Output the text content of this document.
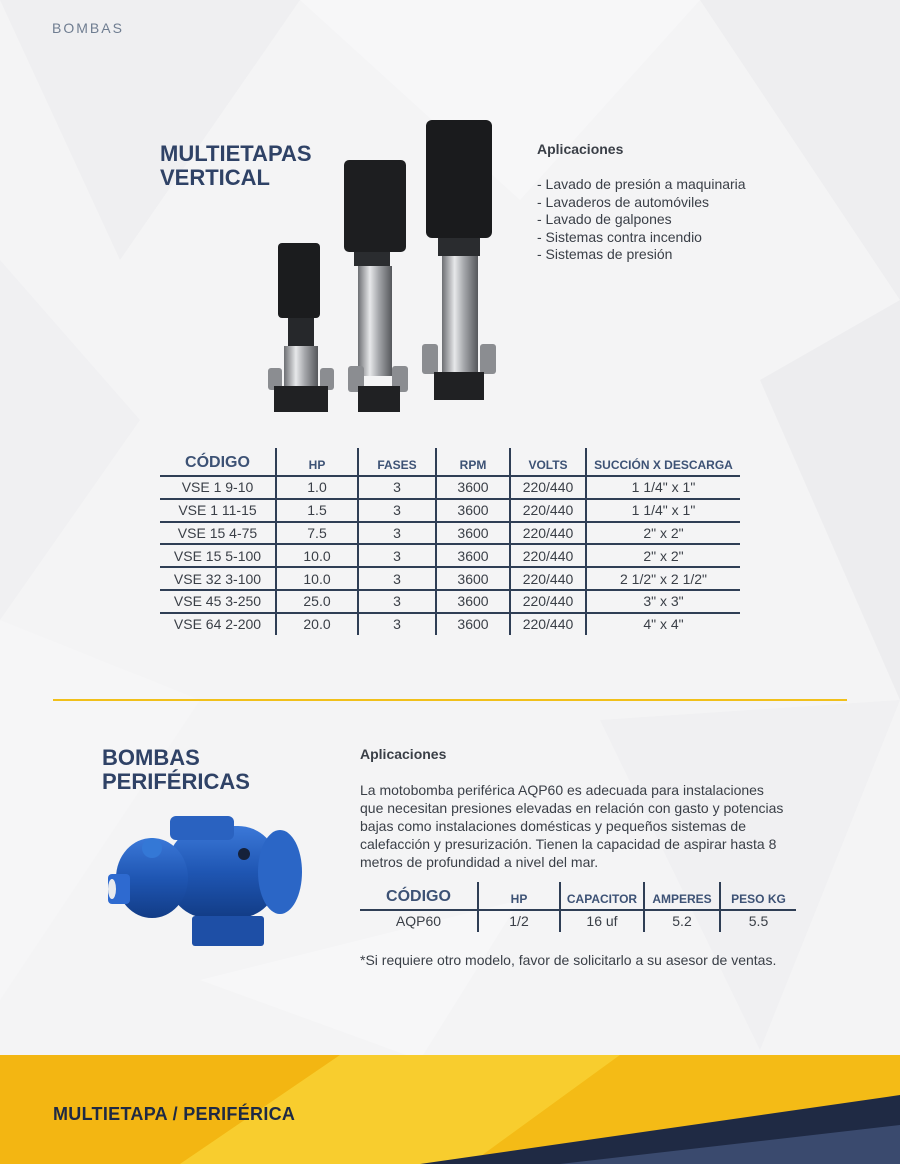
BOMBAS
MULTIETAPAS
VERTICAL
Aplicaciones
- Lavado de presión a maquinaria
- Lavaderos de automóviles
- Lavado de galpones
- Sistemas contra incendio
- Sistemas de presión
CÓDIGO	HP	FASES	RPM	VOLTS	SUCCIÓN X DESCARGA
VSE 1 9-10	1.0	3	3600	220/440	1 1/4" x 1"
VSE 1 11-15	1.5	3	3600	220/440	1 1/4" x 1"
VSE 15 4-75	7.5	3	3600	220/440	2" x 2"
VSE 15 5-100	10.0	3	3600	220/440	2" x 2"
VSE 32 3-100	10.0	3	3600	220/440	2 1/2" x 2 1/2"
VSE 45 3-250	25.0	3	3600	220/440	3" x 3"
VSE 64 2-200	20.0	3	3600	220/440	4" x 4"
BOMBAS
PERIFÉRICAS
Aplicaciones

La motobomba periférica AQP60 es adecuada para instalaciones
que necesitan presiones elevadas en relación con gasto y potencias
bajas como instalaciones domésticas y pequeños sistemas de
calefacción y presurización. Tienen la capacidad de aspirar hasta 8
metros de profundidad a nivel del mar.

CÓDIGO	HP	CAPACITOR	AMPERES	PESO KG
AQP60	1/2	16 uf	5.2	5.5
*Si requiere otro modelo, favor de solicitarlo a su asesor de ventas.
MULTIETAPA / PERIFÉRICA
